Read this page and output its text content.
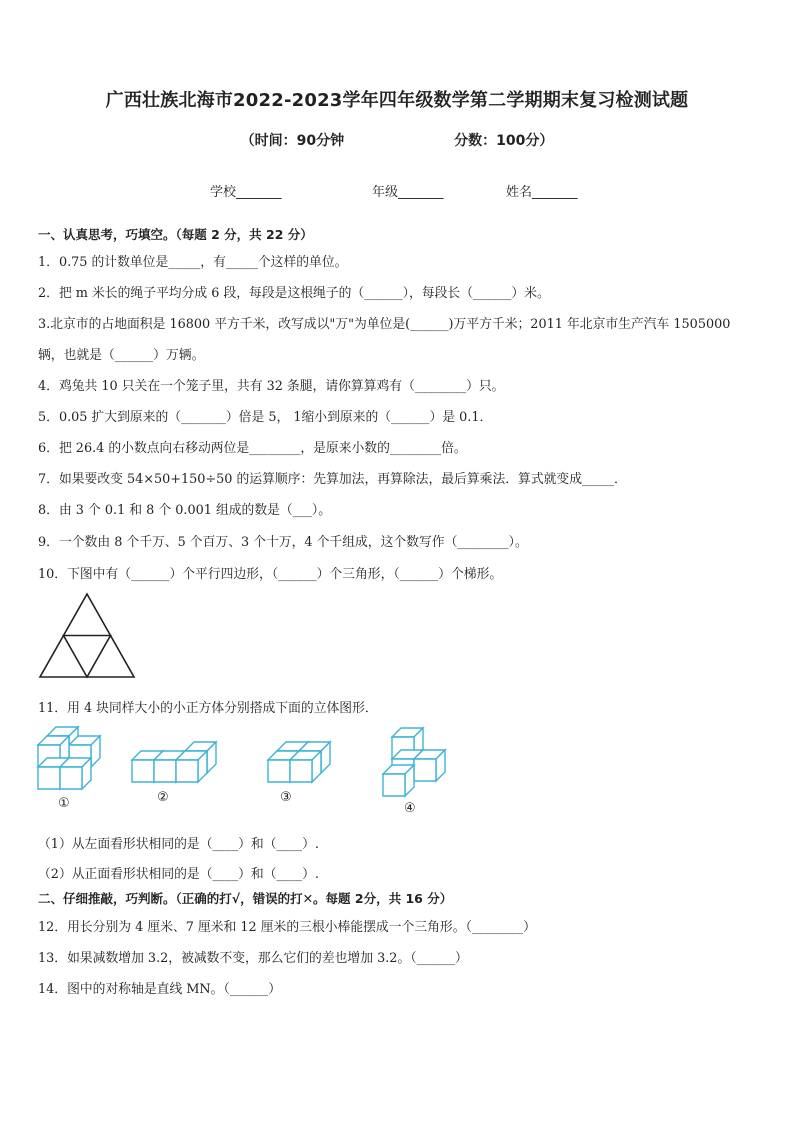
广西壮族北海市2022-2023学年四年级数学第二学期期末复习检测试题
（时间：90分钟	分数：100分）
学校_______	年级_______	姓名_______
一、认真思考，巧填空。（每题 2 分，共 22 分）
1．0.75 的计数单位是_____，有_____个这样的单位。
2．把 m 米长的绳子平均分成 6 段，每段是这根绳子的（______），每段长（______）米。
3.北京市的占地面积是 16800 平方千米，改写成以"万"为单位是(______)万平方千米；2011 年北京市生产汽车 1505000
辆，也就是（______）万辆。
4．鸡兔共 10 只关在一个笼子里，共有 32 条腿，请你算算鸡有（________）只。
5．0.05 扩大到原来的（_______）倍是 5， 1缩小到原来的（______）是 0.1．
6．把 26.4 的小数点向右移动两位是________，是原来小数的________倍。
7．如果要改变 54×50+150÷50 的运算顺序：先算加法，再算除法，最后算乘法．算式就变成_____．
8．由 3 个 0.1 和 8 个 0.001 组成的数是（___）。
9．一个数由 8 个千万、5 个百万、3 个十万，4 个千组成，这个数写作（________）。
10．下图中有（______）个平行四边形，（______）个三角形，（______）个梯形。
11．用 4 块同样大小的小正方体分别搭成下面的立体图形．
①	②	③
④
（1）从左面看形状相同的是（____）和（____）.
（2）从正面看形状相同的是（____）和（____）.
二、仔细推敲，巧判断。（正确的打√，错误的打✕。每题 2分，共 16 分）
12．用长分别为 4 厘米、7 厘米和 12 厘米的三根小棒能摆成一个三角形。（________）
13．如果减数增加 3.2，被减数不变，那么它们的差也增加 3.2。（______）
14．图中的对称轴是直线 MN。（______）
